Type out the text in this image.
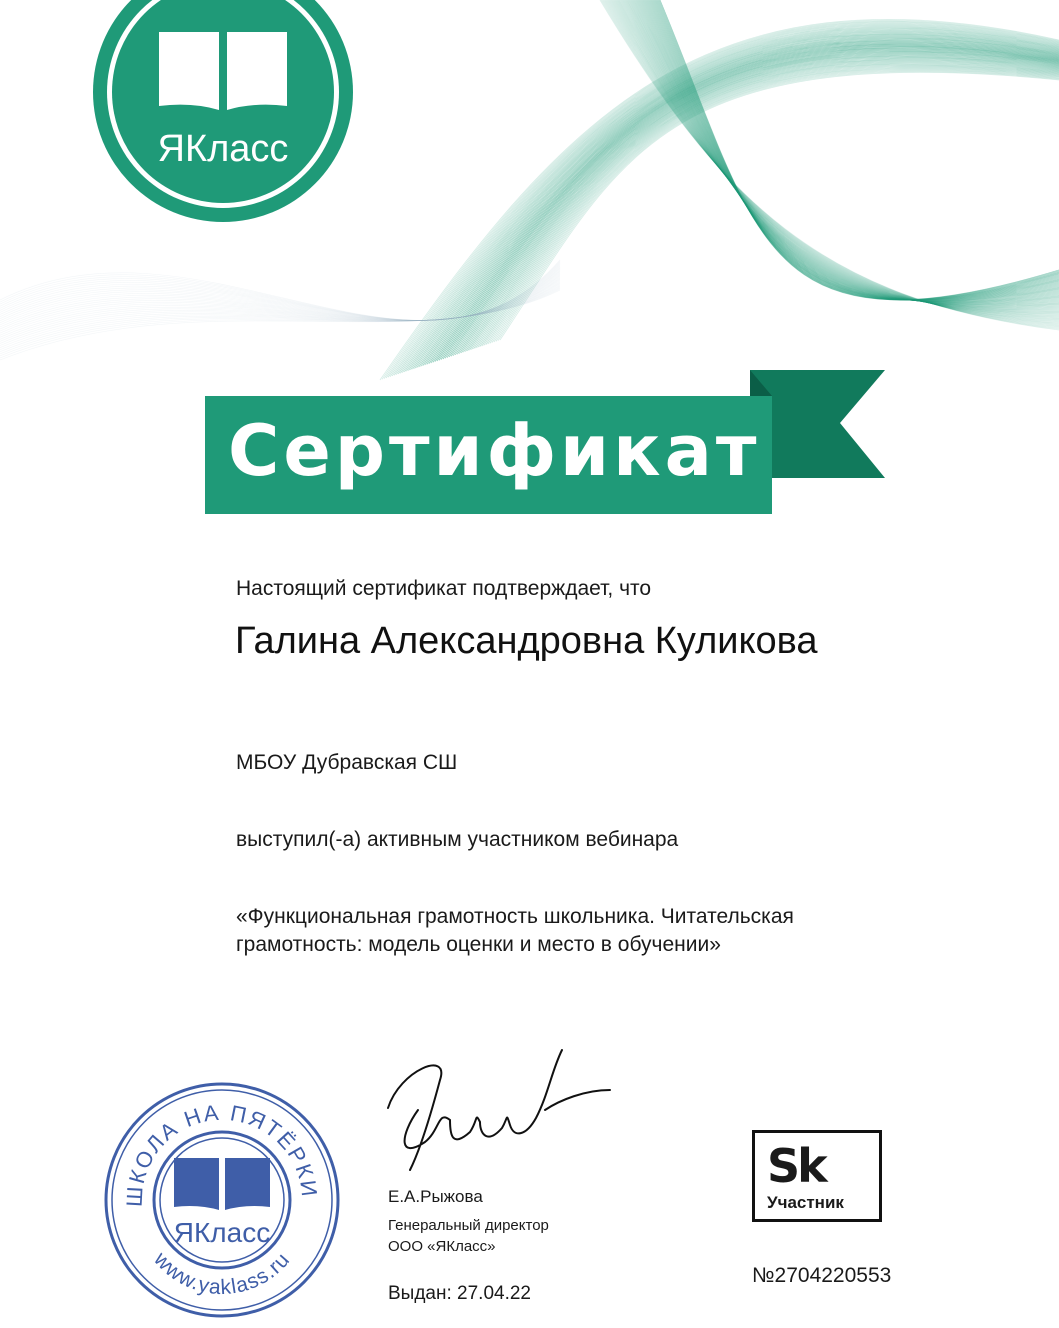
ЯКласс
Сертификат
Настоящий сертификат подтверждает, что
Галина Александровна Куликова
МБОУ Дубравская СШ
выступил(-а) активным участником вебинара
«Функциональная грамотность школьника. Читательская
грамотность: модель оценки и место в обучении»
ШКОЛА НА ПЯТЁРКИ
www.yaklass.ru
ЯКласс
Е.А.Рыжова
Генеральный директор
ООО «ЯКласс»
Выдан: 27.04.22
Sk
Участник
№2704220553
